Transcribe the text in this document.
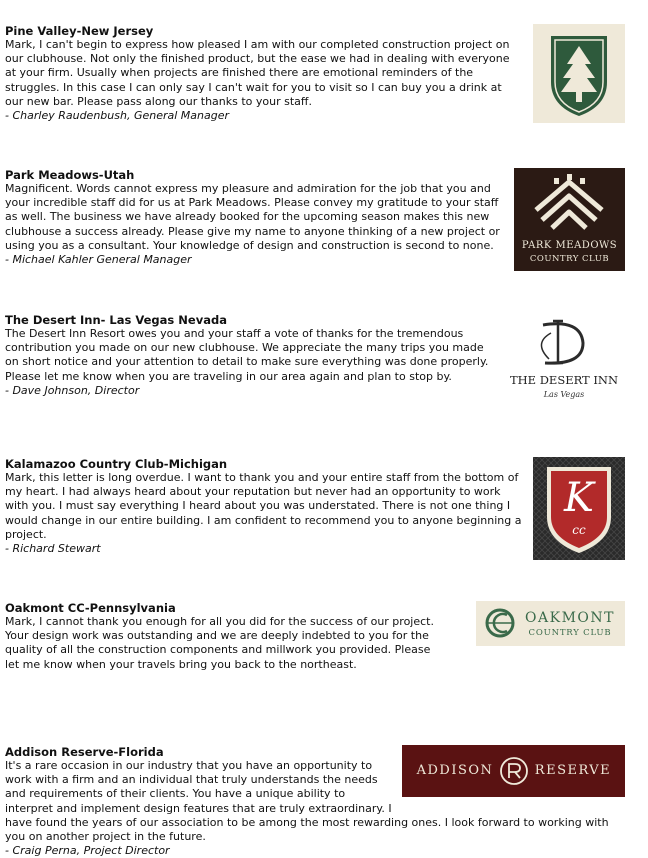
Pine Valley-New Jersey

Mark, I can't begin to express how pleased I am with our completed construction project on our clubhouse. Not only the finished product, but the ease we had in dealing with everyone at your firm. Usually when projects are finished there are emotional reminders of the struggles. In this case I can only say I can't wait for you to visit so I can buy you a drink at our new bar. Please pass along our thanks to your staff.

- Charley Raudenbush, General Manager

Park Meadows-Utah

Magnificent. Words cannot express my pleasure and admiration for the job that you and your incredible staff did for us at Park Meadows. Please convey my gratitude to your staff as well. The business we have already booked for the upcoming season makes this new clubhouse a success already. Please give my name to anyone thinking of a new project or using you as a consultant. Your knowledge of design and construction is second to none.

- Michael Kahler General Manager

PARK MEADOWS
COUNTRY CLUB

The Desert Inn- Las Vegas Nevada

The Desert Inn Resort owes you and your staff a vote of thanks for the tremendous contribution you made on our new clubhouse. We appreciate the many trips you made on short notice and your attention to detail to make sure everything was done properly. Please let me know when you are traveling in our area again and plan to stop by.

- Dave Johnson, Director

THE DESERT INN
Las Vegas

Kalamazoo Country Club-Michigan

Mark, this letter is long overdue. I want to thank you and your entire staff from the bottom of my heart. I had always heard about your reputation but never had an opportunity to work with you. I must say everything I heard about you was understated. There is not one thing I would change in our entire building. I am confident to recommend you to anyone beginning a project.

- Richard Stewart

K
cc

Oakmont CC-Pennsylvania

Mark, I cannot thank you enough for all you did for the success of our project. Your design work was outstanding and we are deeply indebted to you for the quality of all the construction components and millwork you provided. Please let me know when your travels bring you back to the northeast.

OAKMONT
COUNTRY CLUB

Addison Reserve-Florida

It's a rare occasion in our industry that you have an opportunity to work with a firm and an individual that truly understands the needs and requirements of their clients. You have a unique ability to interpret and implement design features that are truly extraordinary. I have found the years of our association to be among the most rewarding ones. I look forward to working with you on another project in the future.

- Craig Perna, Project Director

ADDISON	RESERVE
